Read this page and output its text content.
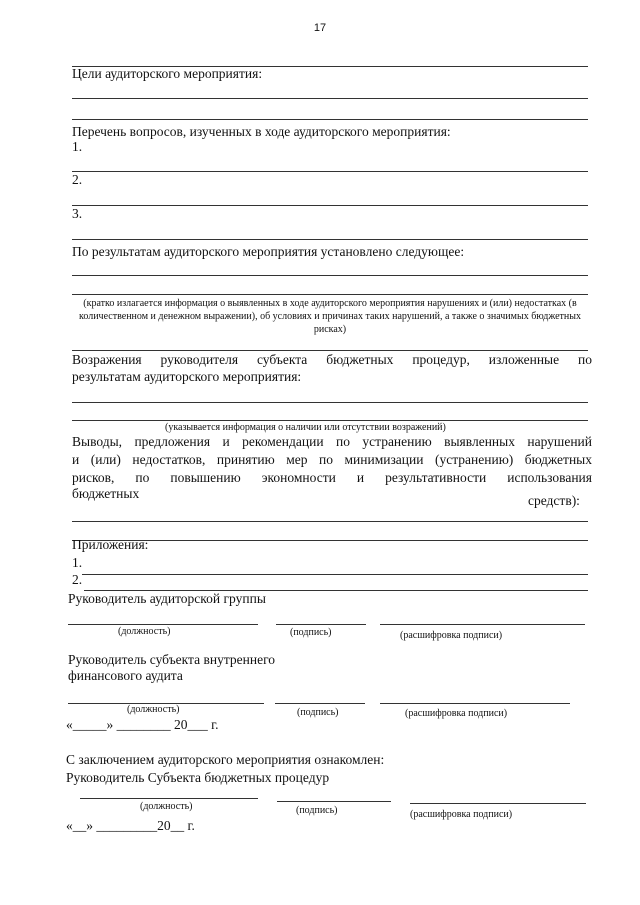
17
Цели аудиторского мероприятия:
Перечень вопросов, изученных в ходе аудиторского мероприятия:
1.
2.
3.
По результатам аудиторского мероприятия установлено следующее:
(кратко излагается информация о выявленных в ходе аудиторского мероприятия нарушениях и (или) недостатках (в количественном и денежном выражении), об условиях и причинах таких нарушений, а также о значимых бюджетных рисках)
Возражения руководителя субъекта бюджетных процедур, изложенные по
результатам аудиторского мероприятия:
(указывается информация о наличии или отсутствии возражений)
Выводы, предложения и рекомендации по устранению выявленных нарушений
и (или) недостатков, принятию мер по минимизации (устранению) бюджетных
рисков, по повышению экономности и результативности использования
бюджетных	средств):
Приложения:
1.
2.
Руководитель аудиторской группы
(должность)	(подпись)	(расшифровка подписи)
Руководитель субъекта внутреннего
финансового аудита
(должность)	(подпись)	(расшифровка подписи)
«_____» ________ 20___ г.
С заключением аудиторского мероприятия ознакомлен:
Руководитель Субъекта бюджетных процедур
(должность)	(подпись)	(расшифровка подписи)
«__» _________20__ г.
